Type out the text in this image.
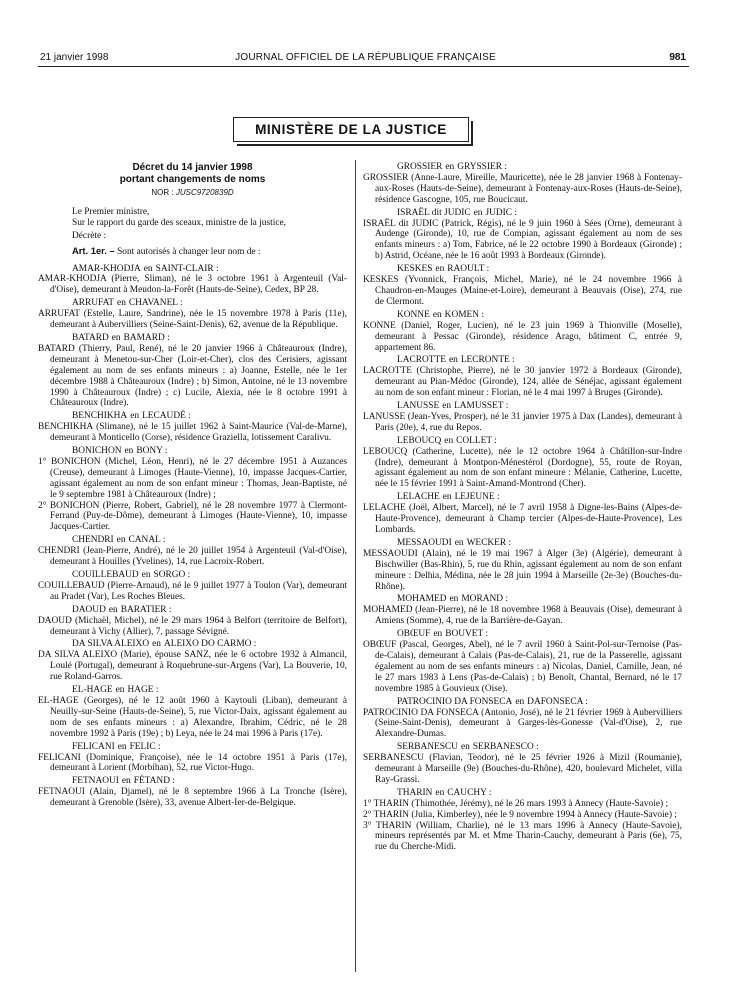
21 janvier 1998	JOURNAL OFFICIEL DE LA RÉPUBLIQUE FRANÇAISE	981
MINISTÈRE DE LA JUSTICE
Décret du 14 janvier 1998
portant changements de noms
NOR : JUSC9720839D

Le Premier ministre,

Sur le rapport du garde des sceaux, ministre de la justice,

Décrète :

Art. 1er. – Sont autorisés à changer leur nom de :

AMAR-KHODJA en SAINT-CLAIR :

AMAR-KHODJA (Pierre, Sliman), né le 3 octobre 1961 à Argenteuil (Val-d'Oise), demeurant à Meudon-la-Forêt (Hauts-de-Seine), Cedex, BP 28.

ARRUFAT en CHAVANEL :

ARRUFAT (Estelle, Laure, Sandrine), née le 15 novembre 1978 à Paris (11e), demeurant à Aubervilliers (Seine-Saint-Denis), 62, avenue de la République.

BATARD en BAMARD :

BATARD (Thierry, Paul, René), né le 20 janvier 1966 à Châteauroux (Indre), demeurant à Menetou-sur-Cher (Loir-et-Cher), clos des Cerisiers, agissant également au nom de ses enfants mineurs : a) Joanne, Estelle, née le 1er décembre 1988 à Châteauroux (Indre) ; b) Simon, Antoine, né le 13 novembre 1990 à Châteauroux (Indre) ; c) Lucile, Alexia, née le 8 octobre 1991 à Châteauroux (Indre).

BENCHIKHA en LECAUDÉ :

BENCHIKHA (Slimane), né le 15 juillet 1962 à Saint-Maurice (Val-de-Marne), demeurant à Monticello (Corse), résidence Graziella, lotissement Caralivu.

BONICHON en BONY :

1° BONICHON (Michel, Léon, Henri), né le 27 décembre 1951 à Auzances (Creuse), demeurant à Limoges (Haute-Vienne), 10, impasse Jacques-Cartier, agissant également au nom de son enfant mineur : Thomas, Jean-Baptiste, né le 9 septembre 1981 à Châteauroux (Indre) ;

2° BONICHON (Pierre, Robert, Gabriel), né le 28 novembre 1977 à Clermont-Ferrand (Puy-de-Dôme), demeurant à Limoges (Haute-Vienne), 10, impasse Jacques-Cartier.

CHENDRI en CANAL :

CHENDRI (Jean-Pierre, André), né le 20 juillet 1954 à Argenteuil (Val-d'Oise), demeurant à Houilles (Yvelines), 14, rue Lacroix-Robert.

COUILLEBAUD en SORGO :

COUILLEBAUD (Pierre-Arnaud), né le 9 juillet 1977 à Toulon (Var), demeurant au Pradet (Var), Les Roches Bleues.

DAOUD en BARATIER :

DAOUD (Michaël, Michel), né le 29 mars 1964 à Belfort (territoire de Belfort), demeurant à Vichy (Allier), 7, passage Sévigné.

DA SILVA ALEIXO en ALEIXO DO CARMO :

DA SILVA ALEIXO (Marie), épouse SANZ, née le 6 octobre 1932 à Almancil, Loulé (Portugal), demeurant à Roquebrune-sur-Argens (Var), La Bouverie, 10, rue Roland-Garros.

EL-HAGE en HAGE :

EL-HAGE (Georges), né le 12 août 1960 à Kaytouli (Liban), demeurant à Neuilly-sur-Seine (Hauts-de-Seine), 5, rue Victor-Daix, agissant également au nom de ses enfants mineurs : a) Alexandre, Ibrahim, Cédric, né le 28 novembre 1992 à Paris (19e) ; b) Leya, née le 24 mai 1996 à Paris (17e).

FELICANI en FELIC :

FELICANI (Dominique, Françoise), née le 14 octobre 1951 à Paris (17e), demeurant à Lorient (Morbihan), 52, rue Victor-Hugo.

FETNAOUI en FÉTAND :

FETNAOUI (Alain, Djamel), né le 8 septembre 1966 à La Tronche (Isère), demeurant à Grenoble (Isère), 33, avenue Albert-Ier-de-Belgique.

GROSSIER en GRYSSIER :

GROSSIER (Anne-Laure, Mireille, Mauricette), née le 28 janvier 1968 à Fontenay-aux-Roses (Hauts-de-Seine), demeurant à Fontenay-aux-Roses (Hauts-de-Seine), résidence Gascogne, 105, rue Boucicaut.

ISRAËL dit JUDIC en JUDIC :

ISRAËL dit JUDIC (Patrick, Régis), né le 9 juin 1960 à Sées (Orne), demeurant à Audenge (Gironde), 10, rue de Compian, agissant également au nom de ses enfants mineurs : a) Tom, Fabrice, né le 22 octobre 1990 à Bordeaux (Gironde) ; b) Astrid, Océane, née le 16 août 1993 à Bordeaux (Gironde).

KESKES en RAOULT :

KESKES (Yvonnick, François, Michel, Marie), né le 24 novembre 1966 à Chaudron-en-Mauges (Maine-et-Loire), demeurant à Beauvais (Oise), 274, rue de Clermont.

KONNE en KOMEN :

KONNE (Daniel, Roger, Lucien), né le 23 juin 1969 à Thionville (Moselle), demeurant à Pessac (Gironde), résidence Arago, bâtiment C, entrée 9, appartement 86.

LACROTTE en LECRONTE :

LACROTTE (Christophe, Pierre), né le 30 janvier 1972 à Bordeaux (Gironde), demeurant au Pian-Médoc (Gironde), 124, allée de Sénéjac, agissant également au nom de son enfant mineur : Florian, né le 4 mai 1997 à Bruges (Gironde).

LANUSSE en LAMUSSET :

LANUSSE (Jean-Yves, Prosper), né le 31 janvier 1975 à Dax (Landes), demeurant à Paris (20e), 4, rue du Repos.

LEBOUCQ en COLLET :

LEBOUCQ (Catherine, Lucette), née le 12 octobre 1964 à Châtillon-sur-Indre (Indre), demeurant à Montpon-Ménestérol (Dordogne), 55, route de Royan, agissant également au nom de son enfant mineure : Mélanie, Catherine, Lucette, née le 15 février 1991 à Saint-Amand-Montrond (Cher).

LELACHE en LEJEUNE :

LELACHE (Joël, Albert, Marcel), né le 7 avril 1958 à Digne-les-Bains (Alpes-de-Haute-Provence), demeurant à Champ tercier (Alpes-de-Haute-Provence), Les Lombards.

MESSAOUDI en WECKER :

MESSAOUDI (Alain), né le 19 mai 1967 à Alger (3e) (Algérie), demeurant à Bischwiller (Bas-Rhin), 5, rue du Rhin, agissant également au nom de son enfant mineure : Delhia, Médina, née le 28 juin 1994 à Marseille (2e-3e) (Bouches-du-Rhône).

MOHAMED en MORAND :

MOHAMED (Jean-Pierre), né le 18 novembre 1968 à Beauvais (Oise), demeurant à Amiens (Somme), 4, rue de la Barrière-de-Gayan.

OBŒUF en BOUVET :

OBŒUF (Pascal, Georges, Abel), né le 7 avril 1960 à Saint-Pol-sur-Ternoise (Pas-de-Calais), demeurant à Calais (Pas-de-Calais), 21, rue de la Passerelle, agissant également au nom de ses enfants mineurs : a) Nicolas, Daniel, Camille, Jean, né le 27 mars 1983 à Lens (Pas-de-Calais) ; b) Benoît, Chantal, Bernard, né le 17 novembre 1985 à Gouvieux (Oise).

PATROCINIO DA FONSECA en DAFONSECA :

PATROCINIO DA FONSECA (Antonio, José), né le 21 février 1969 à Aubervilliers (Seine-Saint-Denis), demeurant à Garges-lès-Gonesse (Val-d'Oise), 2, rue Alexandre-Dumas.

SERBANESCU en SERBANESCO :

SERBANESCU (Flavian, Teodor), né le 25 février 1926 à Mizil (Roumanie), demeurant à Marseille (9e) (Bouches-du-Rhône), 420, boulevard Michelet, villa Ray-Grassi.

THARIN en CAUCHY :

1° THARIN (Thimothée, Jérémy), né le 26 mars 1993 à Annecy (Haute-Savoie) ;

2° THARIN (Julia, Kimberley), née le 9 novembre 1994 à Annecy (Haute-Savoie) ;

3° THARIN (William, Charlie), né le 13 mars 1996 à Annecy (Haute-Savoie), mineurs représentés par M. et Mme Tharin-Cauchy, demeurant à Paris (6e), 75, rue du Cherche-Midi.
